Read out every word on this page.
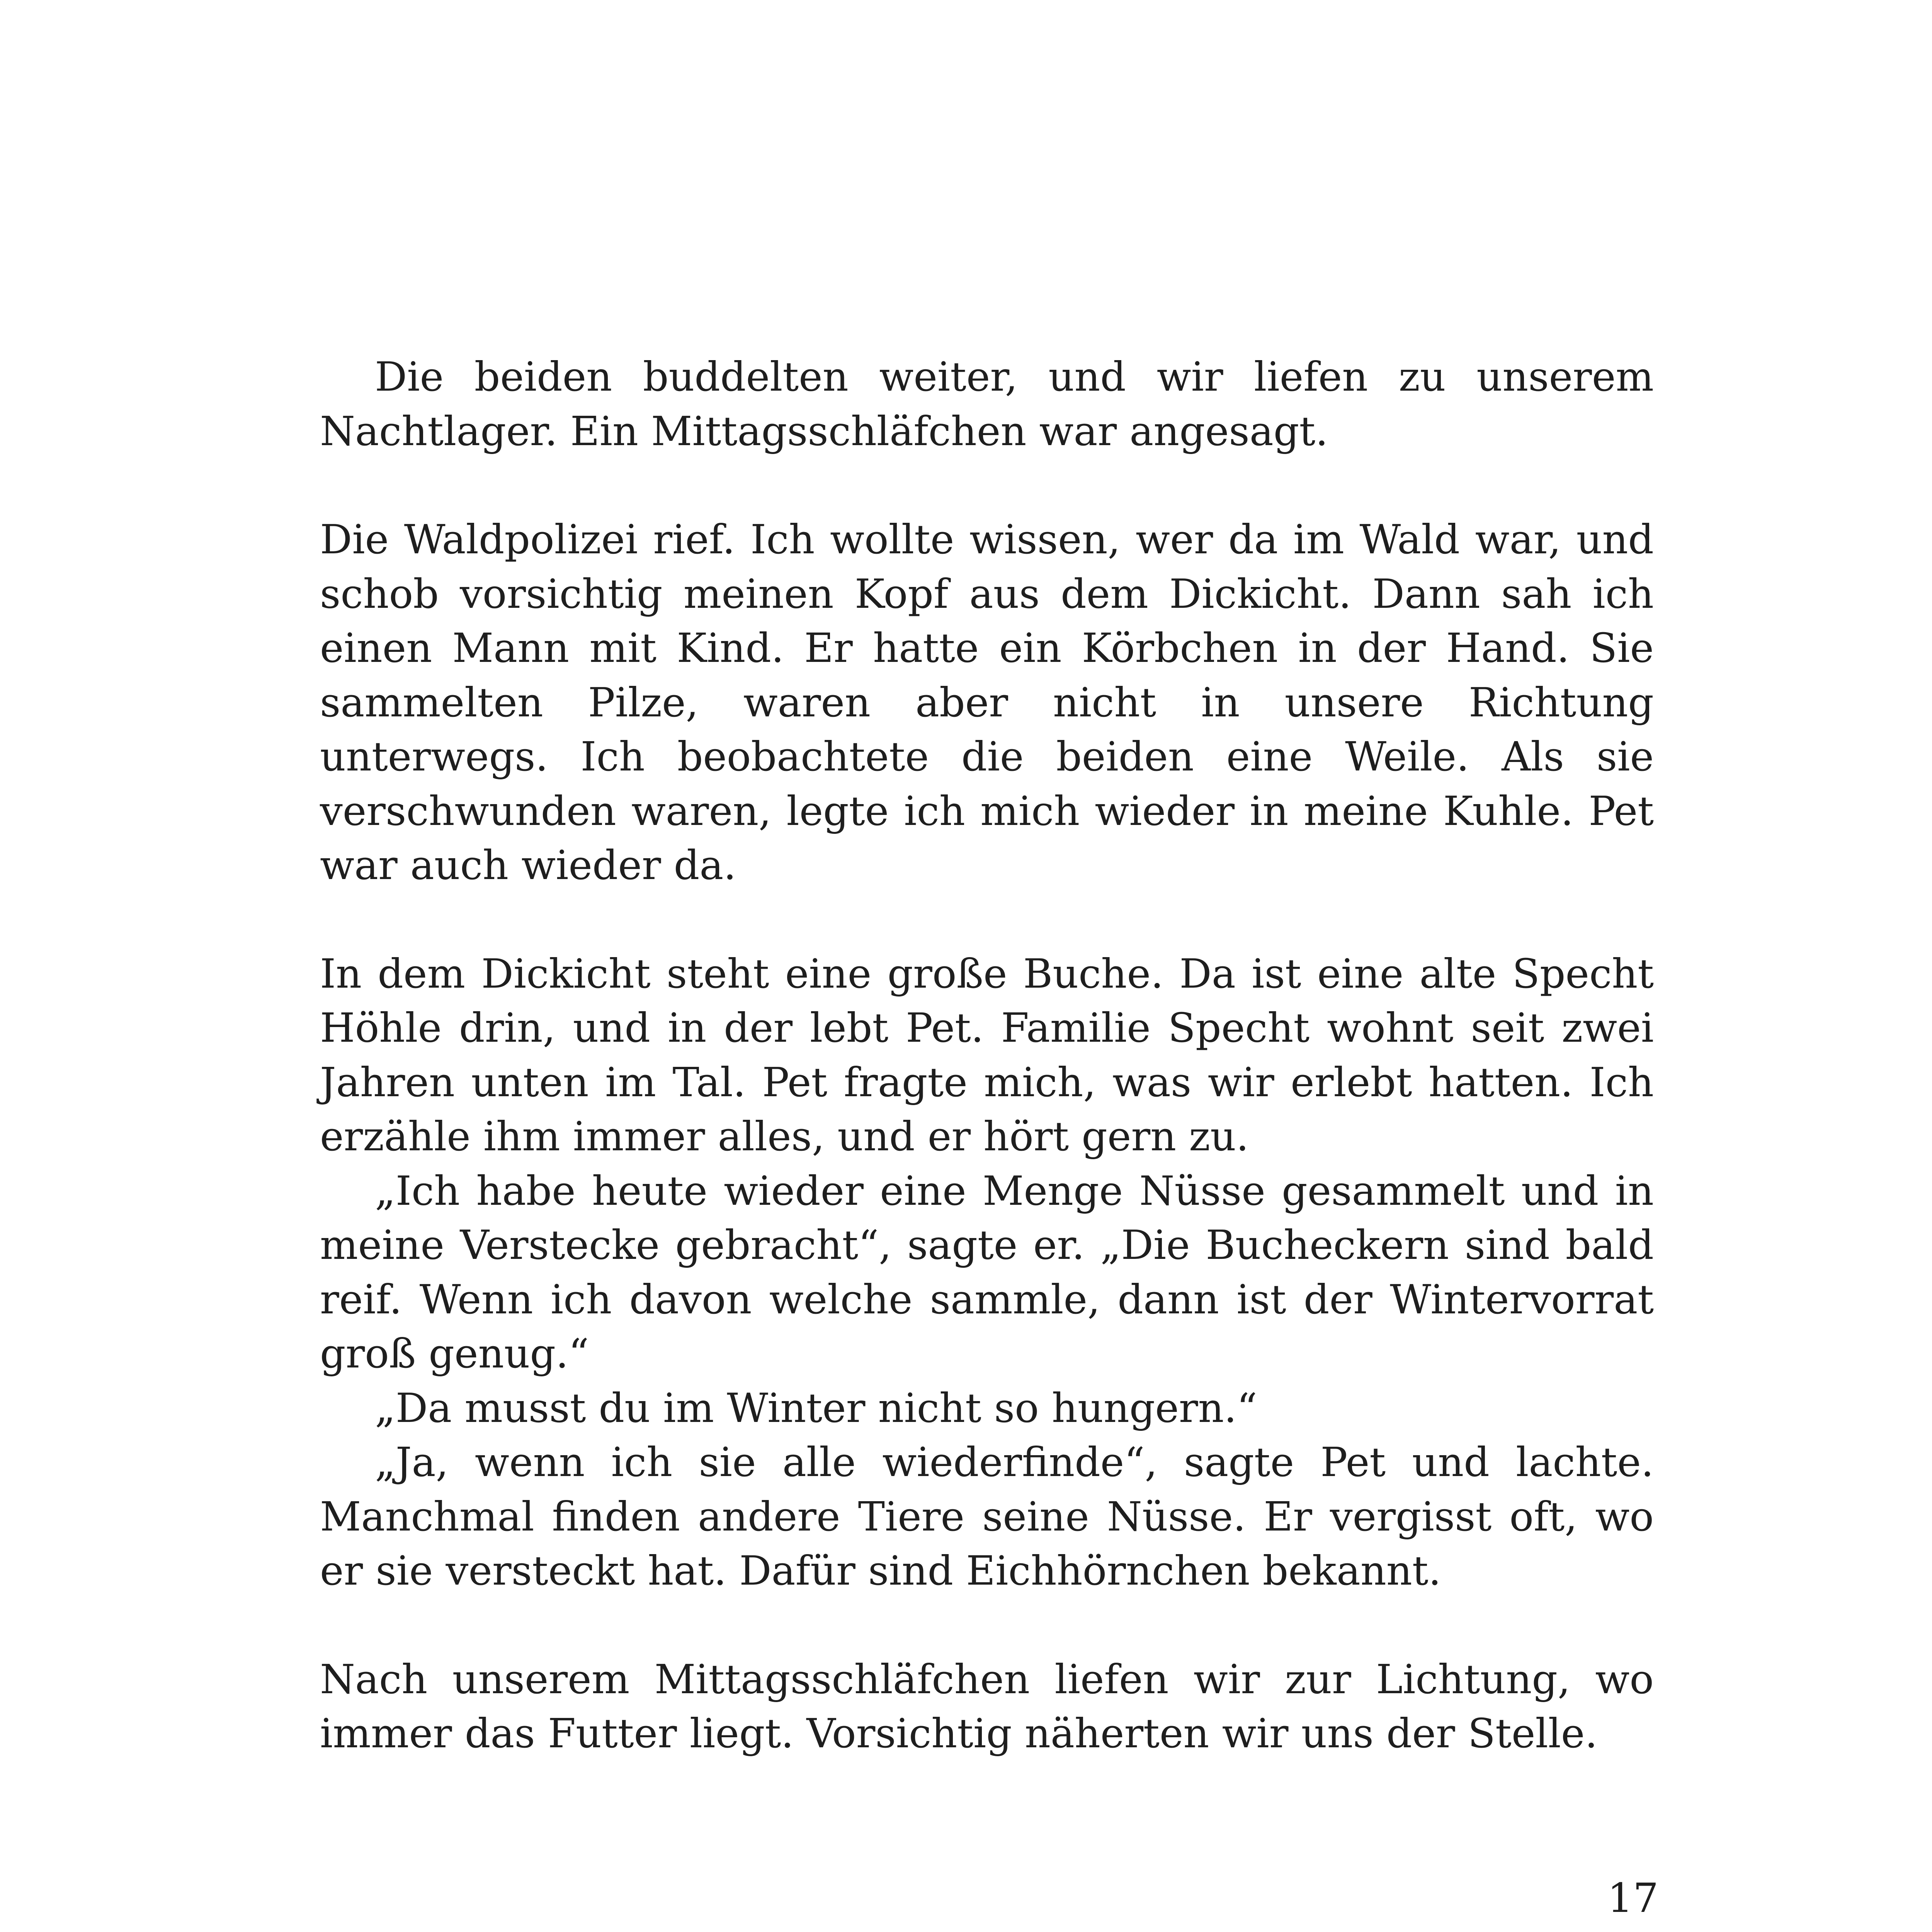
Die beiden buddelten weiter, und wir liefen zu unserem Nachtlager. Ein Mittagsschläfchen war angesagt.

Die Waldpolizei rief. Ich wollte wissen, wer da im Wald war, und schob vorsichtig meinen Kopf aus dem Dickicht. Dann sah ich einen Mann mit Kind. Er hatte ein Körbchen in der Hand. Sie sammelten Pilze, waren aber nicht in unsere Richtung unterwegs. Ich beobachtete die beiden eine Weile. Als sie verschwunden waren, legte ich mich wieder in meine Kuhle. Pet war auch wieder da.

In dem Dickicht steht eine große Buche. Da ist eine alte Specht Höhle drin, und in der lebt Pet. Familie Specht wohnt seit zwei Jahren unten im Tal. Pet fragte mich, was wir erlebt hatten. Ich erzähle ihm immer alles, und er hört gern zu.

„Ich habe heute wieder eine Menge Nüsse gesammelt und in meine Verstecke gebracht“, sagte er. „Die Bucheckern sind bald reif. Wenn ich davon welche sammle, dann ist der Wintervorrat groß genug.“

„Da musst du im Winter nicht so hungern.“

„Ja, wenn ich sie alle wiederfinde“, sagte Pet und lachte. Manchmal finden andere Tiere seine Nüsse. Er vergisst oft, wo er sie versteckt hat. Dafür sind Eichhörnchen bekannt.

Nach unserem Mittagsschläfchen liefen wir zur Lichtung, wo immer das Futter liegt. Vorsichtig näherten wir uns der Stelle.

17
